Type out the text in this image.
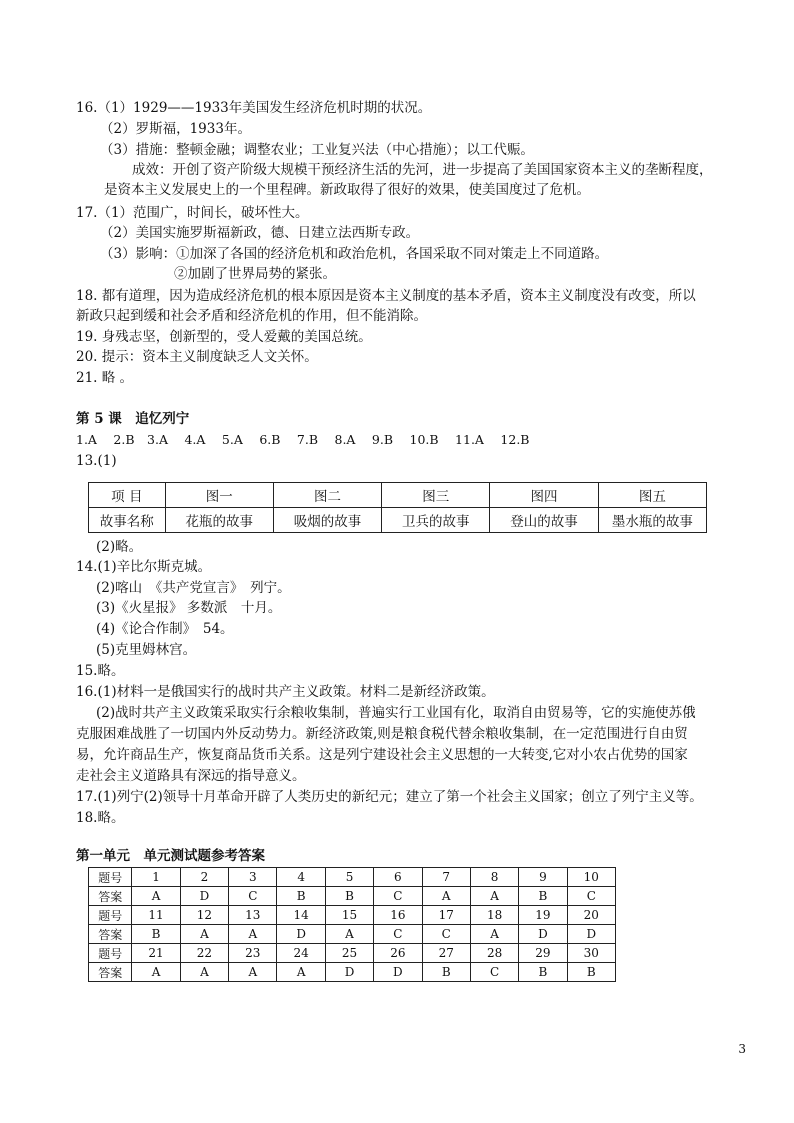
16.（1）1929——1933年美国发生经济危机时期的状况。
（2）罗斯福，1933年。
（3）措施：整顿金融；调整农业；工业复兴法（中心措施）；以工代赈。
成效：开创了资产阶级大规模干预经济生活的先河，进一步提高了美国国家资本主义的垄断程度，
是资本主义发展史上的一个里程碑。新政取得了很好的效果，使美国度过了危机。
17.（1）范围广，时间长，破坏性大。
（2）美国实施罗斯福新政，德、日建立法西斯专政。
（3）影响：①加深了各国的经济危机和政治危机，各国采取不同对策走上不同道路。
②加剧了世界局势的紧张。
18. 都有道理，因为造成经济危机的根本原因是资本主义制度的基本矛盾，资本主义制度没有改变，所以
新政只起到缓和社会矛盾和经济危机的作用，但不能消除。
19. 身残志坚，创新型的，受人爱戴的美国总统。
20. 提示：资本主义制度缺乏人文关怀。
21. 略 。
第 5 课　追忆列宁
1.A　 2.B　3.A　 4.A　 5.A　 6.B　 7.B　 8.A　 9.B　 10.B　 11.A　 12.B
13.(1)
项 目	图一	图二	图三	图四	图五
故事名称	花瓶的故事	吸烟的故事	卫兵的故事	登山的故事	墨水瓶的故事
(2)略。
14.(1)辛比尔斯克城。
(2)喀山　《共产党宣言》　列宁。
(3)《火星报》 多数派　十月。
(4)《论合作制》　54。
(5)克里姆林宫。
15.略。
16.(1)材料一是俄国实行的战时共产主义政策。材料二是新经济政策。
(2)战时共产主义政策采取实行余粮收集制，普遍实行工业国有化，取消自由贸易等，它的实施使苏俄
克服困难战胜了一切国内外反动势力。新经济政策,则是粮食税代替余粮收集制，在一定范围进行自由贸
易，允许商品生产，恢复商品货币关系。这是列宁建设社会主义思想的一大转变,它对小农占优势的国家
走社会主义道路具有深远的指导意义。
17.(1)列宁(2)领导十月革命开辟了人类历史的新纪元；建立了第一个社会主义国家；创立了列宁主义等。
18.略。
第一单元　单元测试题参考答案
题号	1	2	3	4	5	6	7	8	9	10
答案	A	D	C	B	B	C	A	A	B	C
题号	11	12	13	14	15	16	17	18	19	20
答案	B	A	A	D	A	C	C	A	D	D
题号	21	22	23	24	25	26	27	28	29	30
答案	A	A	A	A	D	D	B	C	B	B
3
